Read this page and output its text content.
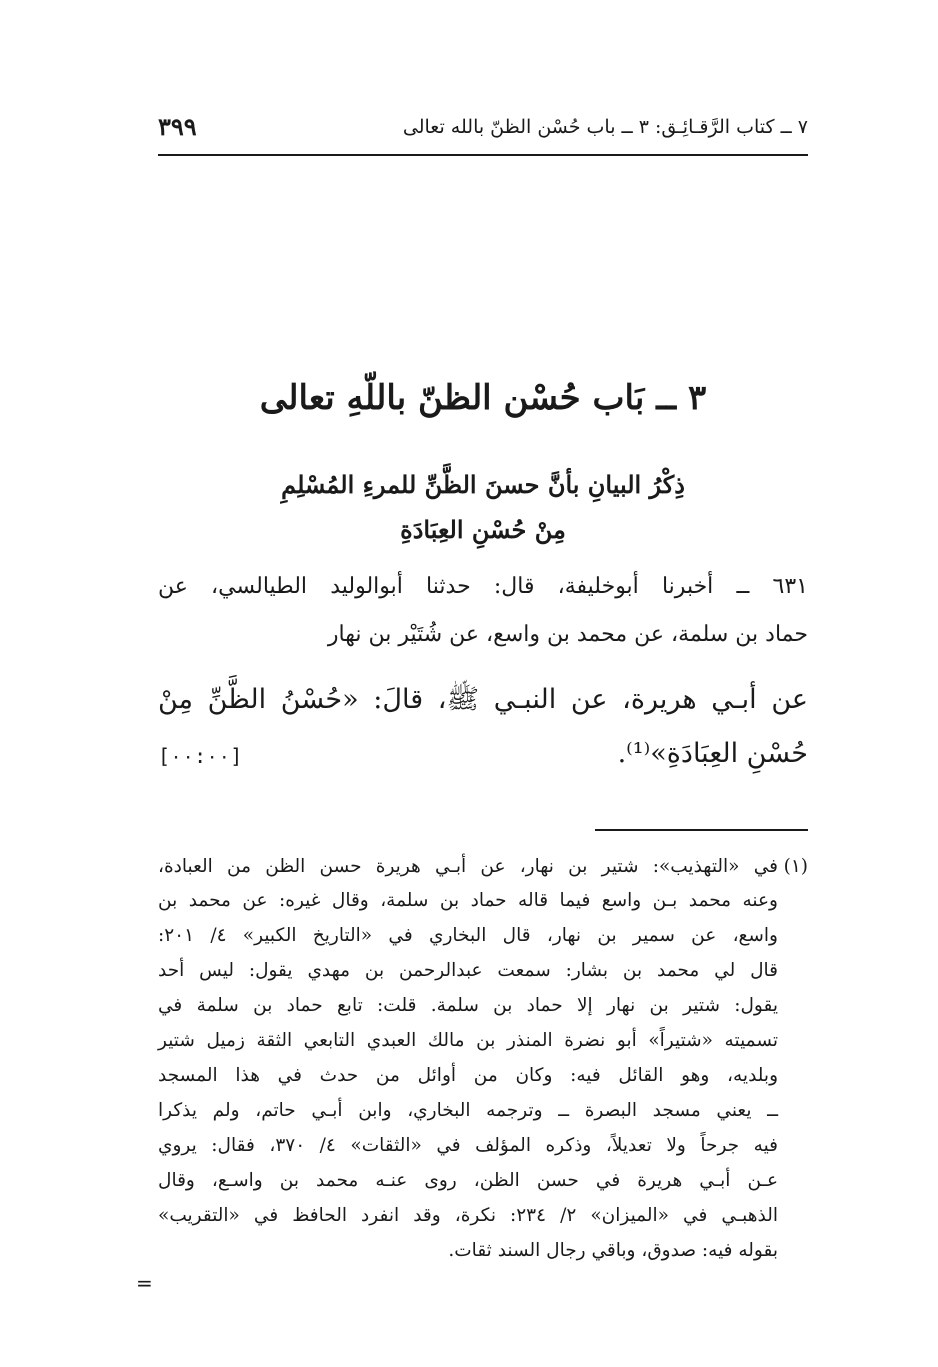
٧ ــ كتاب الرَّقـائِـق: ٣ ــ باب حُسْن الظنّ بالله تعالى
٣٩٩
٣ ــ بَاب حُسْن الظنّ باللّهِ تعالى
ذِكْرُ البيانِ بأنَّ حسنَ الظَّنِّ للمرءِ المُسْلِمِ
مِنْ حُسْنِ العِبَادَةِ
٦٣١ ــ أخبرنا أبوخليفة، قال: حدثنا أبوالوليد الطيالسي، عن
حماد بن سلمة، عن محمد بن واسع، عن شُتَيْر بن نهار
عن أبـي هريرة، عن النبـي ﷺ، قالَ: «حُسْنُ الظَّنِّ مِنْ
حُسْنِ العِبَادَةِ»⁽¹⁾.
[٠٠:٠٠]
(١)في «التهذيب»: شتير بن نهار، عن أبـي هريرة حسن الظن من العبادة،
وعنه محمد بـن واسع فيما قاله حماد بن سلمة، وقال غيره: عن محمد بن
واسع، عن سمير بن نهار، قال البخاري في «التاريخ الكبير» ٤/ ٢٠١:
قال لي محمد بن بشار: سمعت عبدالرحمن بن مهدي يقول: ليس أحد
يقول: شتير بن نهار إلا حماد بن سلمة. قلت: تابع حماد بن سلمة في
تسميته «شتيراً» أبو نضرة المنذر بن مالك العبدي التابعي الثقة زميل شتير
وبلديه، وهو القائل فيه: وكان من أوائل من حدث في هذا المسجد
ــ يعني مسجد البصرة ــ وترجمه البخاري، وابن أبـي حاتم، ولم يذكرا
فيه جرحاً ولا تعديلاً، وذكره المؤلف في «الثقات» ٤/ ٣٧٠، فقال: يروي
عـن أبـي هريرة في حسن الظن، روى عنـه محمد بن واسـع، وقال
الذهبـي في «الميزان» ٢/ ٢٣٤: نكرة، وقد انفرد الحافظ في «التقريب»
بقوله فيه: صدوق، وباقي رجال السند ثقات.
=
